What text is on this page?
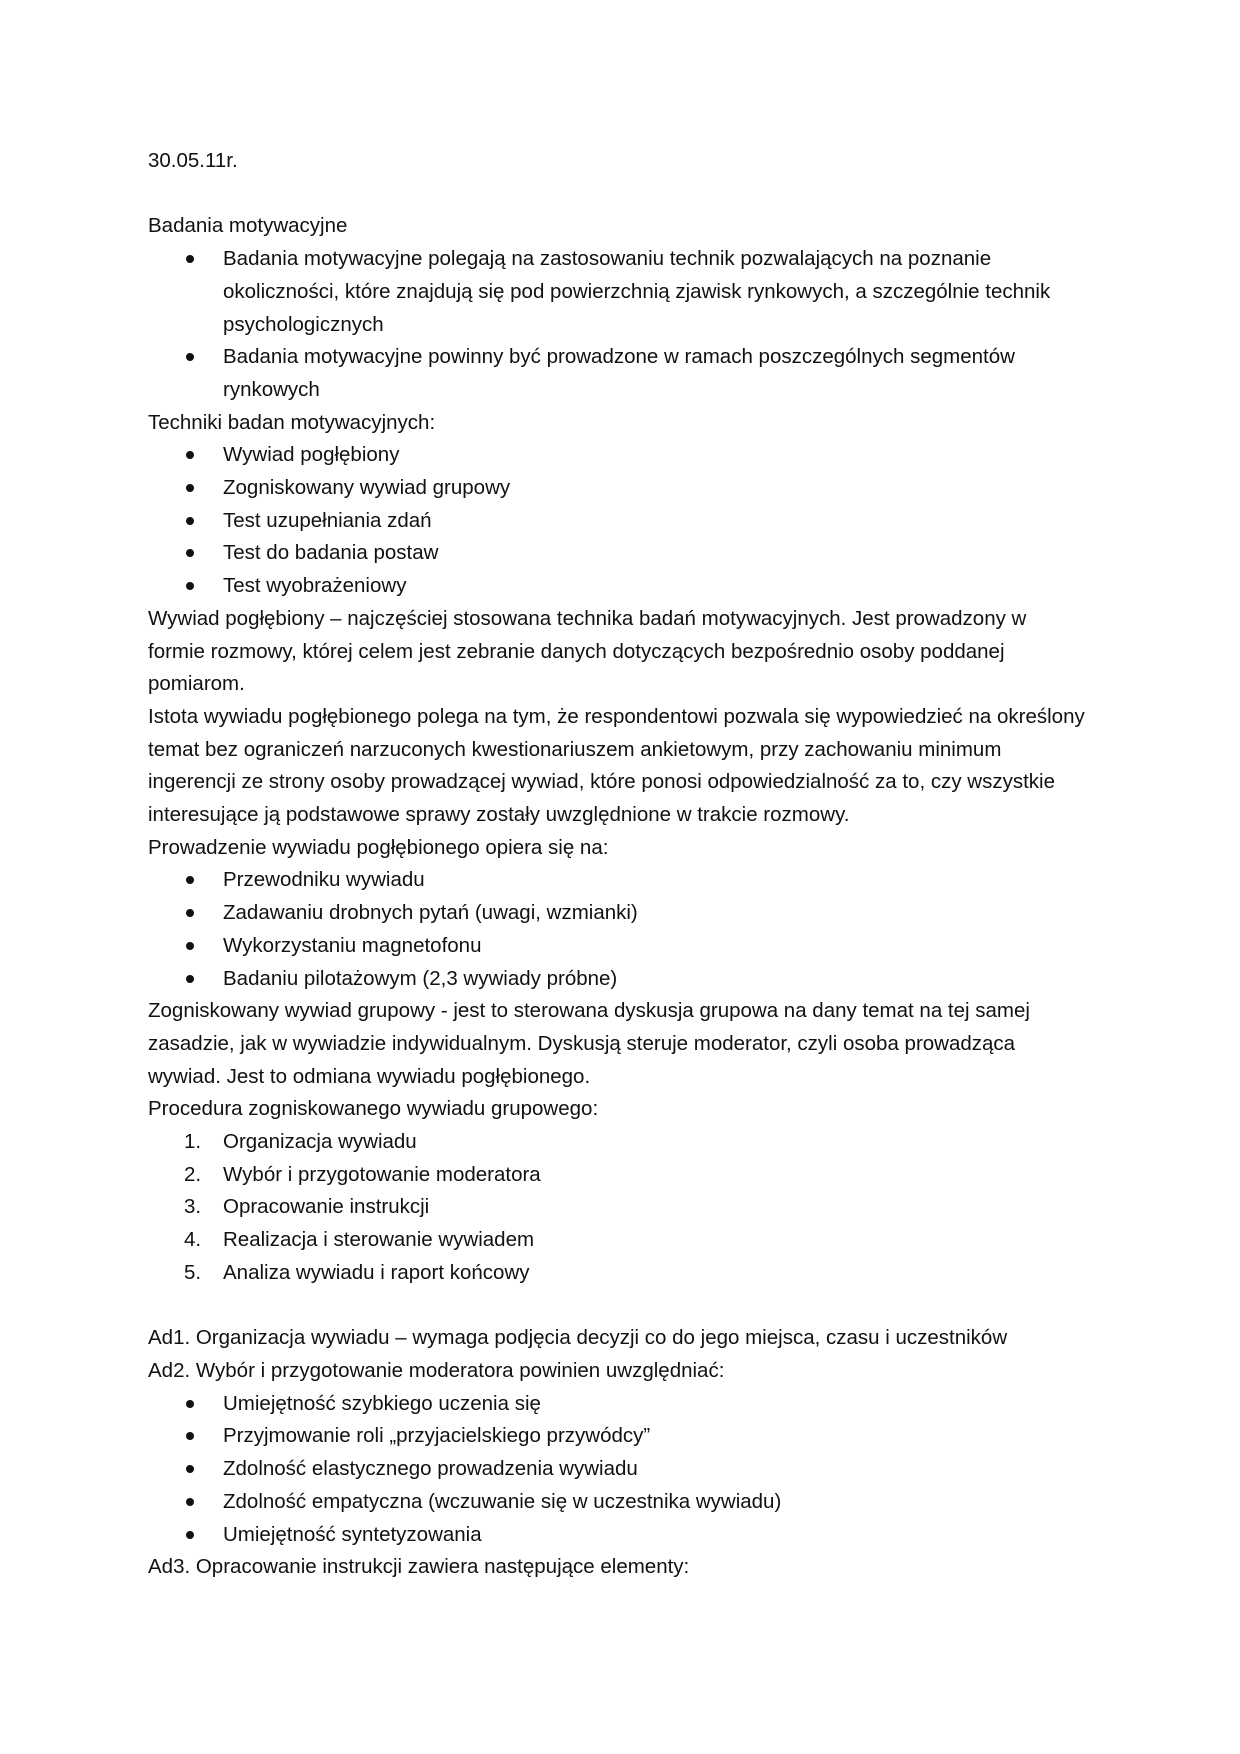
30.05.11r.

Badania motywacyjne

Badania motywacyjne polegają na zastosowaniu technik pozwalających na poznanie okoliczności, które znajdują się pod powierzchnią zjawisk rynkowych, a szczególnie technik psychologicznych
Badania motywacyjne powinny być prowadzone w ramach poszczególnych segmentów rynkowych

Techniki badan motywacyjnych:

Wywiad pogłębiony
Zogniskowany wywiad grupowy
Test uzupełniania zdań
Test do badania postaw
Test wyobrażeniowy

Wywiad pogłębiony – najczęściej stosowana technika badań motywacyjnych. Jest prowadzony w formie rozmowy, której celem jest zebranie danych dotyczących bezpośrednio osoby poddanej pomiarom.

Istota wywiadu pogłębionego polega na tym, że respondentowi pozwala się wypowiedzieć na określony temat bez ograniczeń narzuconych kwestionariuszem ankietowym, przy zachowaniu minimum ingerencji ze strony osoby prowadzącej wywiad, które ponosi odpowiedzialność za to, czy wszystkie interesujące ją podstawowe sprawy zostały uwzględnione w trakcie rozmowy.

Prowadzenie wywiadu pogłębionego opiera się na:

Przewodniku wywiadu
Zadawaniu drobnych pytań (uwagi, wzmianki)
Wykorzystaniu magnetofonu
Badaniu pilotażowym (2,3 wywiady próbne)

Zogniskowany wywiad grupowy - jest to sterowana dyskusja grupowa na dany temat na tej samej zasadzie, jak w wywiadzie indywidualnym. Dyskusją steruje moderator, czyli osoba prowadząca wywiad. Jest to odmiana wywiadu pogłębionego.

Procedura zogniskowanego wywiadu grupowego:

1. Organizacja wywiadu
2. Wybór i przygotowanie moderatora
3. Opracowanie instrukcji
4. Realizacja i sterowanie wywiadem
5. Analiza wywiadu i raport końcowy

Ad1. Organizacja wywiadu – wymaga podjęcia decyzji co do jego miejsca, czasu i uczestników

Ad2. Wybór i przygotowanie moderatora powinien uwzględniać:

Umiejętność szybkiego uczenia się
Przyjmowanie roli „przyjacielskiego przywódcy”
Zdolność elastycznego prowadzenia wywiadu
Zdolność empatyczna (wczuwanie się w uczestnika wywiadu)
Umiejętność syntetyzowania

Ad3. Opracowanie instrukcji zawiera następujące elementy:
